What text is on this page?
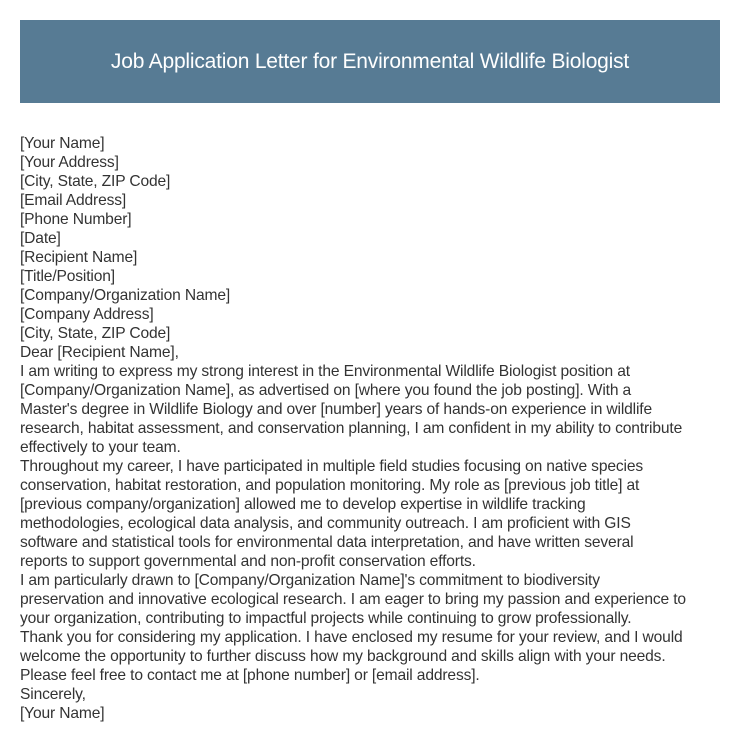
Job Application Letter for Environmental Wildlife Biologist
[Your Name]
[Your Address]
[City, State, ZIP Code]
[Email Address]
[Phone Number]
[Date]
[Recipient Name]
[Title/Position]
[Company/Organization Name]
[Company Address]
[City, State, ZIP Code]
Dear [Recipient Name],

I am writing to express my strong interest in the Environmental Wildlife Biologist position at
[Company/Organization Name], as advertised on [where you found the job posting]. With a
Master's degree in Wildlife Biology and over [number] years of hands-on experience in wildlife
research, habitat assessment, and conservation planning, I am confident in my ability to contribute
effectively to your team.

Throughout my career, I have participated in multiple field studies focusing on native species
conservation, habitat restoration, and population monitoring. My role as [previous job title] at
[previous company/organization] allowed me to develop expertise in wildlife tracking
methodologies, ecological data analysis, and community outreach. I am proficient with GIS
software and statistical tools for environmental data interpretation, and have written several
reports to support governmental and non-profit conservation efforts.

I am particularly drawn to [Company/Organization Name]'s commitment to biodiversity
preservation and innovative ecological research. I am eager to bring my passion and experience to
your organization, contributing to impactful projects while continuing to grow professionally.

Thank you for considering my application. I have enclosed my resume for your review, and I would
welcome the opportunity to further discuss how my background and skills align with your needs.
Please feel free to contact me at [phone number] or [email address].

Sincerely,
[Your Name]
